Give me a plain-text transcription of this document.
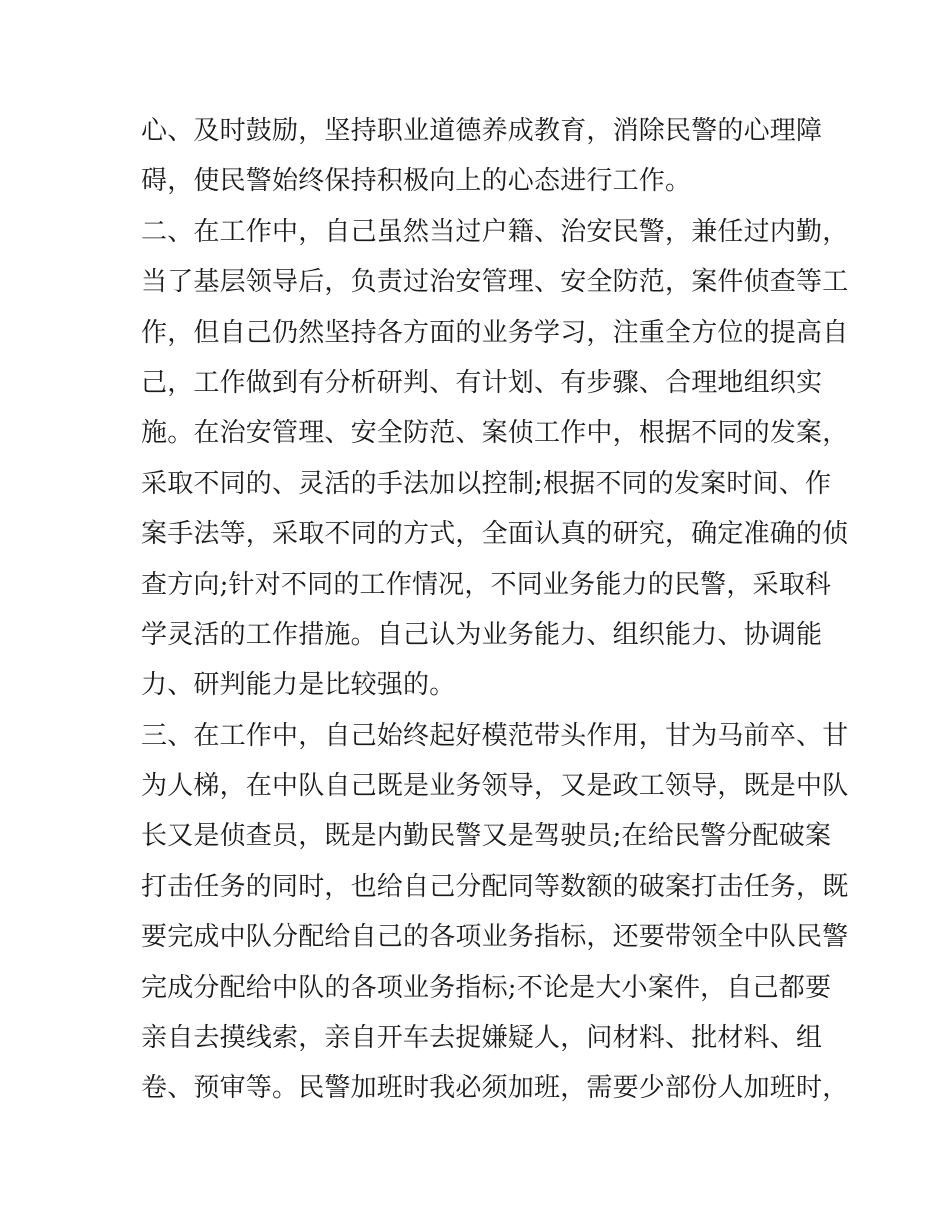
心、及时鼓励，坚持职业道德养成教育，消除民警的心理障
碍，使民警始终保持积极向上的心态进行工作。
二、在工作中，自己虽然当过户籍、治安民警，兼任过内勤，
当了基层领导后，负责过治安管理、安全防范，案件侦查等工
作，但自己仍然坚持各方面的业务学习，注重全方位的提高自
己，工作做到有分析研判、有计划、有步骤、合理地组织实
施。在治安管理、安全防范、案侦工作中，根据不同的发案，
采取不同的、灵活的手法加以控制;根据不同的发案时间、作
案手法等，采取不同的方式，全面认真的研究，确定准确的侦
查方向;针对不同的工作情况，不同业务能力的民警，采取科
学灵活的工作措施。自己认为业务能力、组织能力、协调能
力、研判能力是比较强的。
三、在工作中，自己始终起好模范带头作用，甘为马前卒、甘
为人梯，在中队自己既是业务领导，又是政工领导，既是中队
长又是侦查员，既是内勤民警又是驾驶员;在给民警分配破案
打击任务的同时，也给自己分配同等数额的破案打击任务，既
要完成中队分配给自己的各项业务指标，还要带领全中队民警
完成分配给中队的各项业务指标;不论是大小案件，自己都要
亲自去摸线索，亲自开车去捉嫌疑人，问材料、批材料、组
卷、预审等。民警加班时我必须加班，需要少部份人加班时，
